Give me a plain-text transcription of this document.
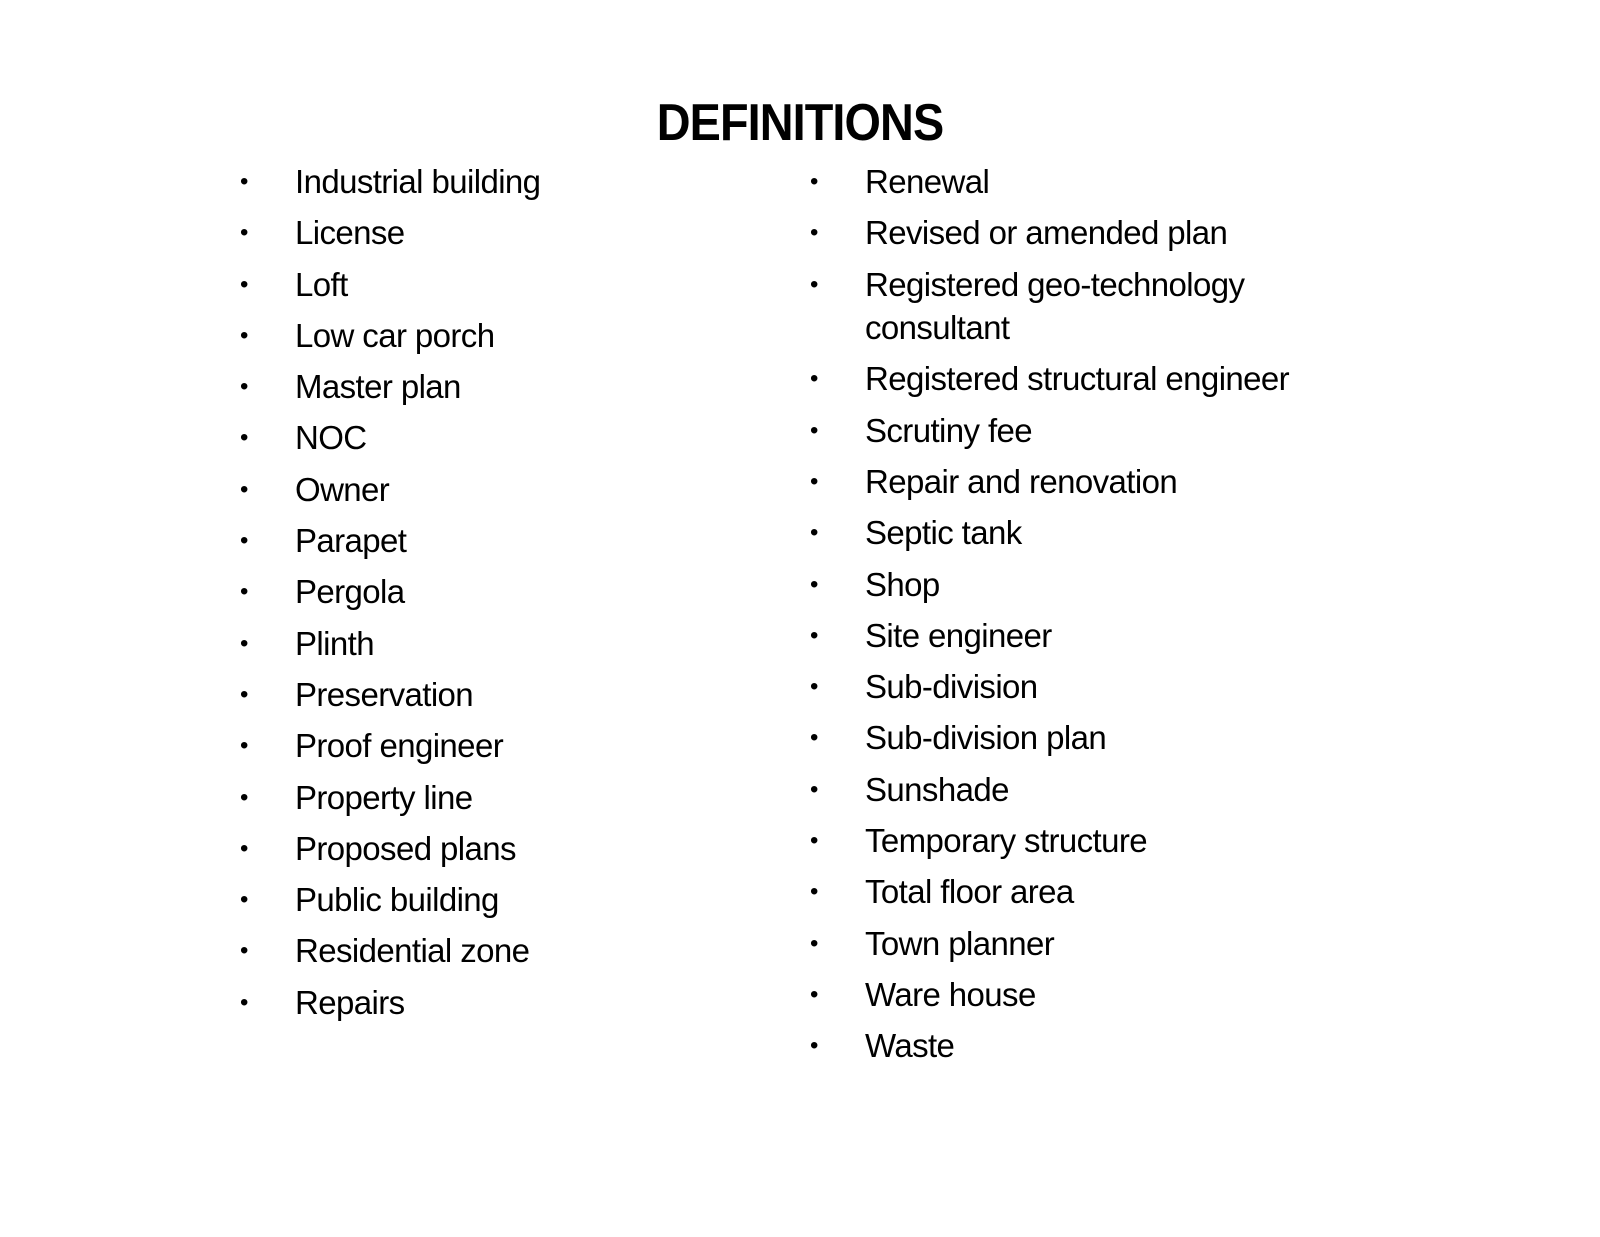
DEFINITIONS
• Industrial building
• License
• Loft
• Low car porch
• Master plan
• NOC
• Owner
• Parapet
• Pergola
• Plinth
• Preservation
• Proof engineer
• Property line
• Proposed plans
• Public building
• Residential zone
• Repairs
• Renewal
• Revised or amended plan
• Registered geo-technology consultant
• Registered structural engineer
• Scrutiny fee
• Repair and renovation
• Septic tank
• Shop
• Site engineer
• Sub-division
• Sub-division plan
• Sunshade
• Temporary structure
• Total floor area
• Town planner
• Ware house
• Waste
